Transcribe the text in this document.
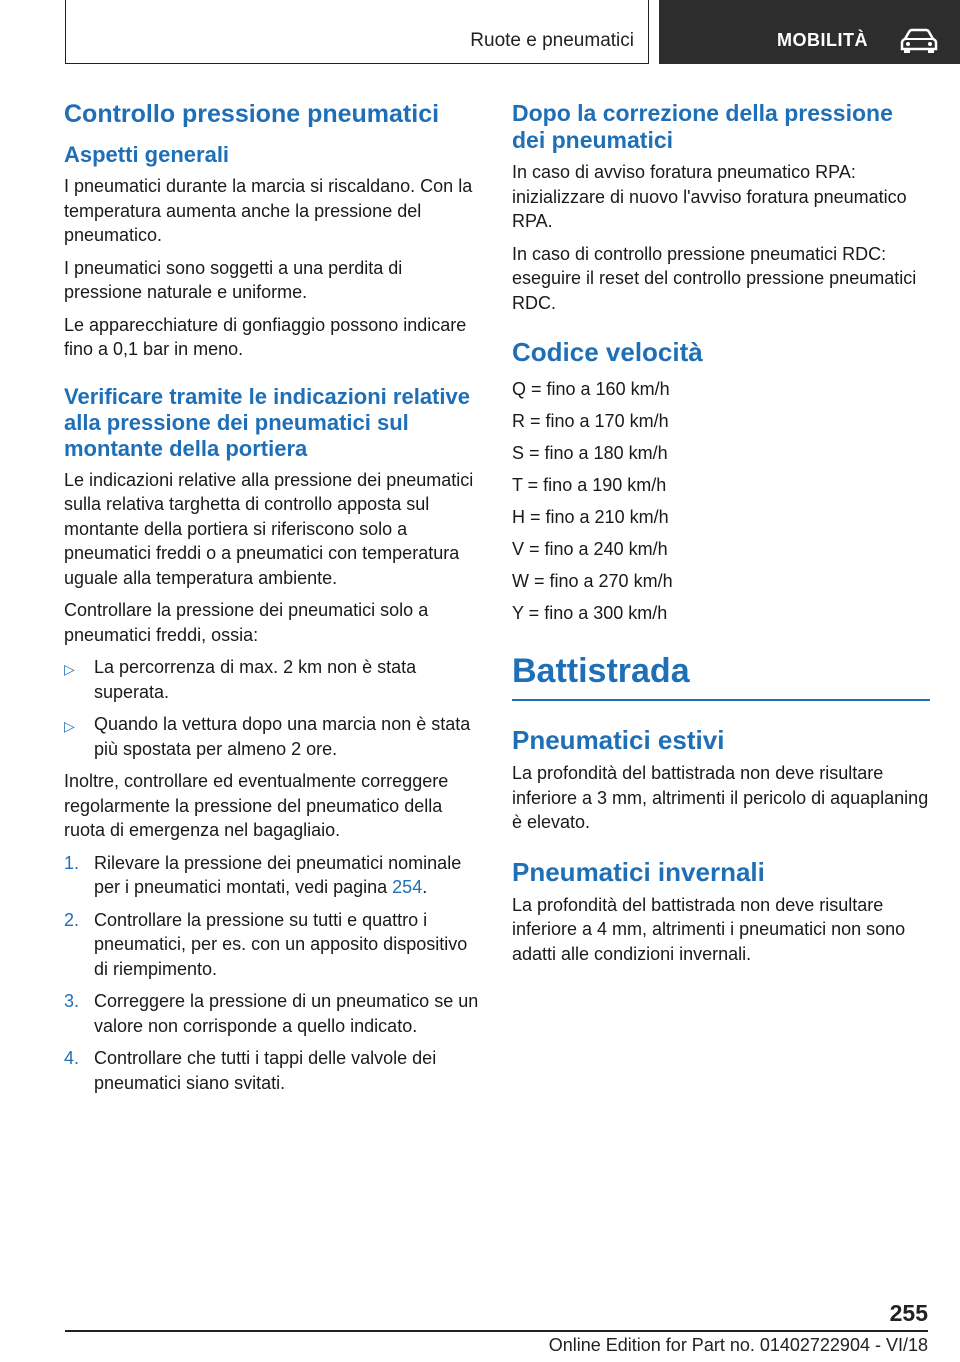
Ruote e pneumatici	MOBILITÀ
Controllo pressione pneumatici
Aspetti generali

I pneumatici durante la marcia si riscaldano. Con la temperatura aumenta anche la pressione del pneumatico.

I pneumatici sono soggetti a una perdita di pressione naturale e uniforme.

Le apparecchiature di gonfiaggio possono indicare fino a 0,1 bar in meno.

Verificare tramite le indicazioni relative alla pressione dei pneumatici sul montante della portiera

Le indicazioni relative alla pressione dei pneumatici sulla relativa targhetta di controllo apposta sul montante della portiera si riferiscono solo a pneumatici freddi o a pneumatici con temperatura uguale alla temperatura ambiente.

Controllare la pressione dei pneumatici solo a pneumatici freddi, ossia:

▷	La percorrenza di max. 2 km non è stata superata.
▷	Quando la vettura dopo una marcia non è stata più spostata per almeno 2 ore.

Inoltre, controllare ed eventualmente correggere regolarmente la pressione del pneumatico della ruota di emergenza nel bagagliaio.

1. Rilevare la pressione dei pneumatici nominale per i pneumatici montati, vedi pagina 254.
2. Controllare la pressione su tutti e quattro i pneumatici, per es. con un apposito dispositivo di riempimento.
3. Correggere la pressione di un pneumatico se un valore non corrisponde a quello indicato.
4. Controllare che tutti i tappi delle valvole dei pneumatici siano svitati.
Dopo la correzione della pressione dei pneumatici

In caso di avviso foratura pneumatico RPA: inizializzare di nuovo l'avviso foratura pneumatico RPA.

In caso di controllo pressione pneumatici RDC: eseguire il reset del controllo pressione pneumatici RDC.

Codice velocità
Q = fino a 160 km/h
R = fino a 170 km/h
S = fino a 180 km/h
T = fino a 190 km/h
H = fino a 210 km/h
V = fino a 240 km/h
W = fino a 270 km/h
Y = fino a 300 km/h
Battistrada
Pneumatici estivi

La profondità del battistrada non deve risultare inferiore a 3 mm, altrimenti il pericolo di aquaplaning è elevato.

Pneumatici invernali

La profondità del battistrada non deve risultare inferiore a 4 mm, altrimenti i pneumatici non sono adatti alle condizioni invernali.

255
Online Edition for Part no. 01402722904 - VI/18
